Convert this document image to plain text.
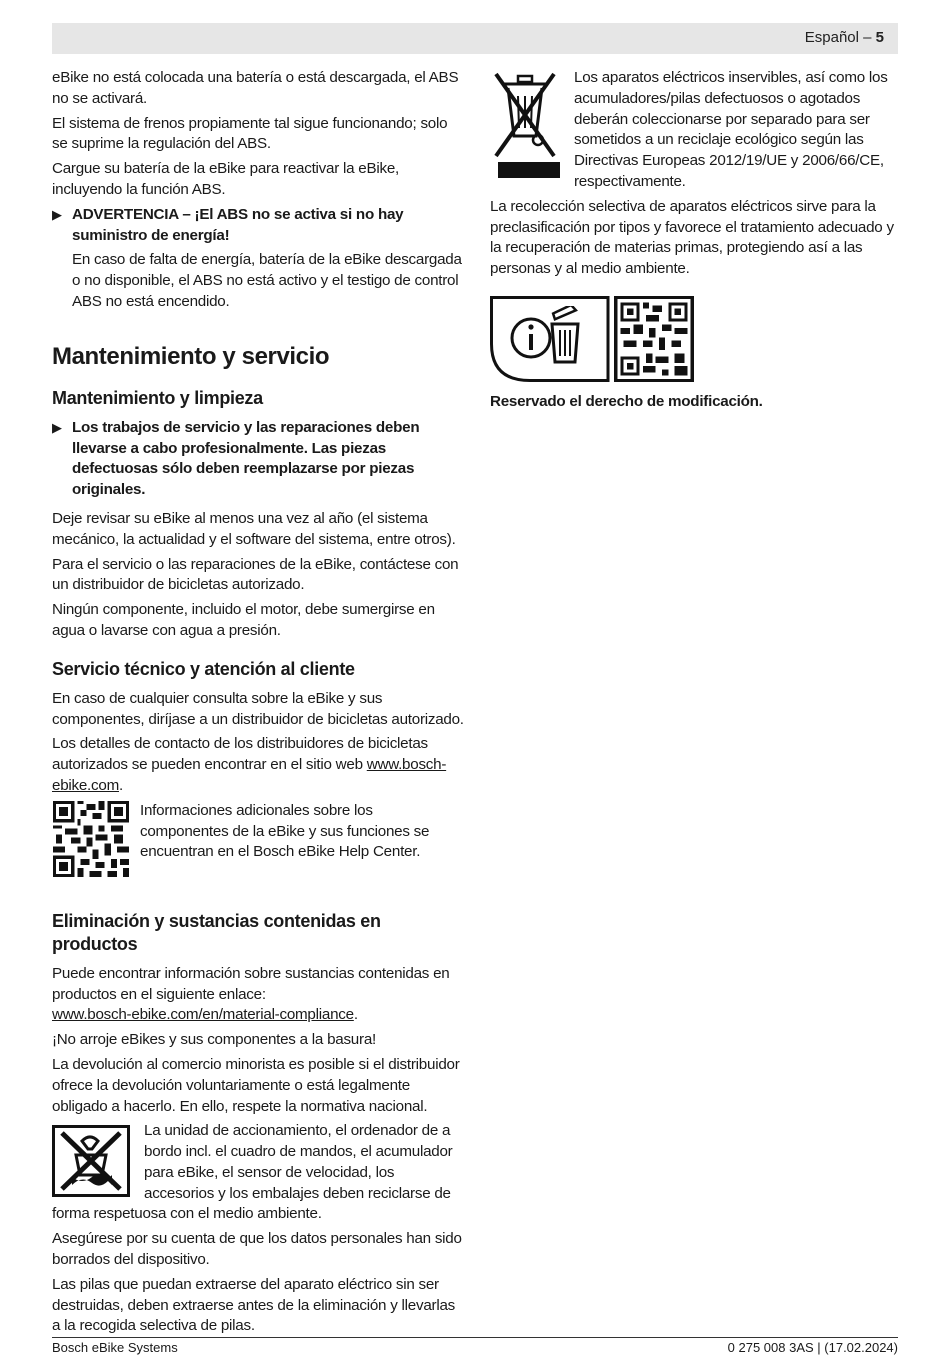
Español – 5

eBike no está colocada una batería o está descargada, el ABS no se activará.

El sistema de frenos propiamente tal sigue funcionando; solo se suprime la regulación del ABS.

Cargue su batería de la eBike para reactivar la eBike, incluyendo la función ABS.

▶ ADVERTENCIA – ¡El ABS no se activa si no hay suministro de energía!

En caso de falta de energía, batería de la eBike descargada o no disponible, el ABS no está activo y el testigo de control ABS no está encendido.

Mantenimiento y servicio
Mantenimiento y limpieza
▶ Los trabajos de servicio y las reparaciones deben llevarse a cabo profesionalmente. Las piezas defectuosas sólo deben reemplazarse por piezas originales.

Deje revisar su eBike al menos una vez al año (el sistema mecánico, la actualidad y el software del sistema, entre otros).

Para el servicio o las reparaciones de la eBike, contáctese con un distribuidor de bicicletas autorizado.

Ningún componente, incluido el motor, debe sumergirse en agua o lavarse con agua a presión.

Servicio técnico y atención al cliente

En caso de cualquier consulta sobre la eBike y sus componentes, diríjase a un distribuidor de bicicletas autorizado.

Los detalles de contacto de los distribuidores de bicicletas autorizados se pueden encontrar en el sitio web www.bosch-ebike.com.

Informaciones adicionales sobre los componentes de la eBike y sus funciones se encuentran en el Bosch eBike Help Center.

Eliminación y sustancias contenidas en productos

Puede encontrar información sobre sustancias contenidas en productos en el siguiente enlace:
www.bosch-ebike.com/en/material-compliance.

¡No arroje eBikes y sus componentes a la basura!

La devolución al comercio minorista es posible si el distribuidor ofrece la devolución voluntariamente o está legalmente obligado a hacerlo. En ello, respete la normativa nacional.

La unidad de accionamiento, el ordenador de a bordo incl. el cuadro de mandos, el acumulador para eBike, el sensor de velocidad, los accesorios y los embalajes deben reciclarse de forma respetuosa con el medio ambiente.

Asegúrese por su cuenta de que los datos personales han sido borrados del dispositivo.

Las pilas que puedan extraerse del aparato eléctrico sin ser destruidas, deben extraerse antes de la eliminación y llevarlas a la recogida selectiva de pilas.

Los aparatos eléctricos inservibles, así como los acumuladores/pilas defectuosos o agotados deberán coleccionarse por separado para ser sometidos a un reciclaje ecológico según las Directivas Europeas 2012/19/UE y 2006/66/CE, respectivamente.

La recolección selectiva de aparatos eléctricos sirve para la preclasificación por tipos y favorece el tratamiento adecuado y la recuperación de materias primas, protegiendo así a las personas y al medio ambiente.

Reservado el derecho de modificación.

Bosch eBike Systems	0 275 008 3AS | (17.02.2024)
